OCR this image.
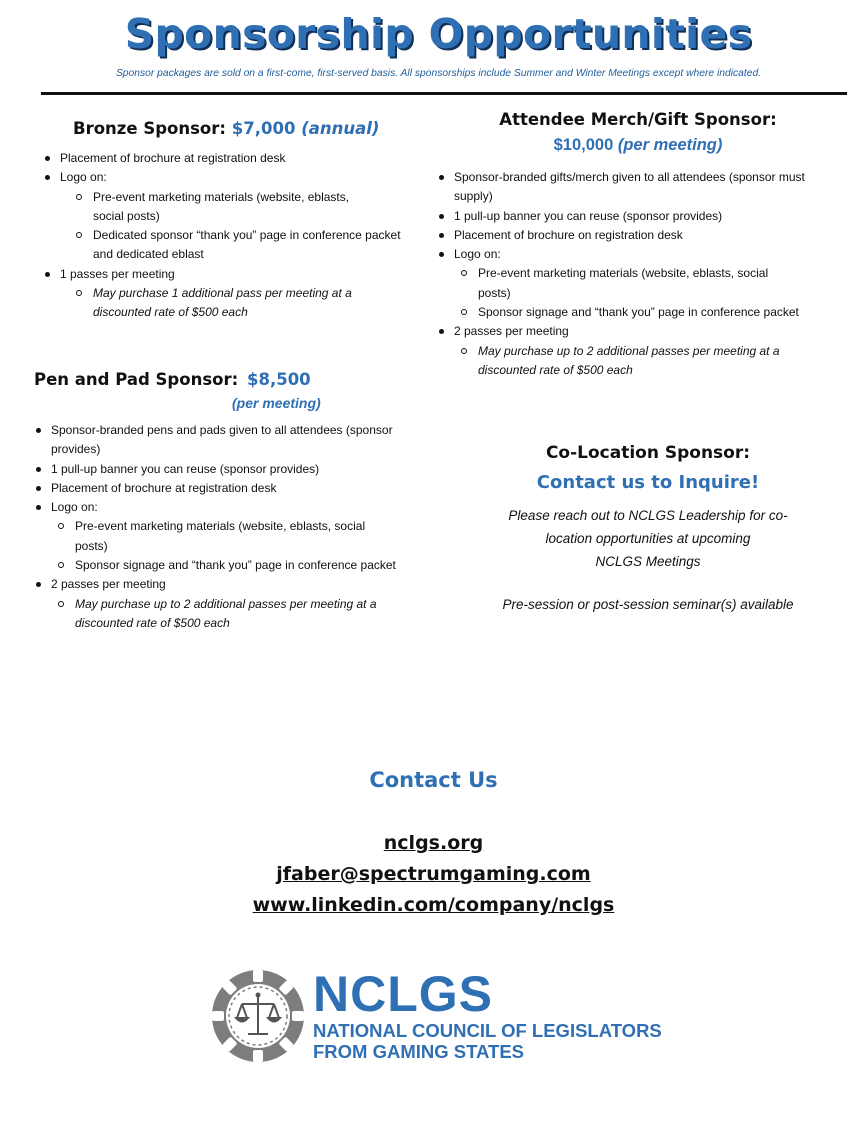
Sponsorship Opportunities
Sponsor packages are sold on a first-come, first-served basis. All sponsorships include Summer and Winter Meetings except where indicated.
Bronze Sponsor: $7,000 (annual)
Placement of brochure at registration desk
Logo on:
Pre-event marketing materials (website, eblasts, social posts)
Dedicated sponsor “thank you” page in conference packet and dedicated eblast
1 passes per meeting
May purchase 1 additional pass per meeting at a discounted rate of $500 each
Pen and Pad Sponsor: $8,500
(per meeting)
Sponsor-branded pens and pads given to all attendees (sponsor provides)
1 pull-up banner you can reuse (sponsor provides)
Placement of brochure at registration desk
Logo on:
Pre-event marketing materials (website, eblasts, social posts)
Sponsor signage and “thank you” page in conference packet
2 passes per meeting
May purchase up to 2 additional passes per meeting at a discounted rate of $500 each
Attendee Merch/Gift Sponsor:
$10,000 (per meeting)
Sponsor-branded gifts/merch given to all attendees (sponsor must supply)
1 pull-up banner you can reuse (sponsor provides)
Placement of brochure on registration desk
Logo on:
Pre-event marketing materials (website, eblasts, social posts)
Sponsor signage and “thank you” page in conference packet
2 passes per meeting
May purchase up to 2 additional passes per meeting at a discounted rate of $500 each
Co-Location Sponsor:
Contact us to Inquire!
Please reach out to NCLGS Leadership for co-
location opportunities at upcoming
NCLGS Meetings
Pre-session or post-session seminar(s) available
Contact Us
nclgs.org
jfaber@spectrumgaming.com
www.linkedin.com/company/nclgs
NCLGS
NATIONAL COUNCIL OF LEGISLATORS
FROM GAMING STATES
